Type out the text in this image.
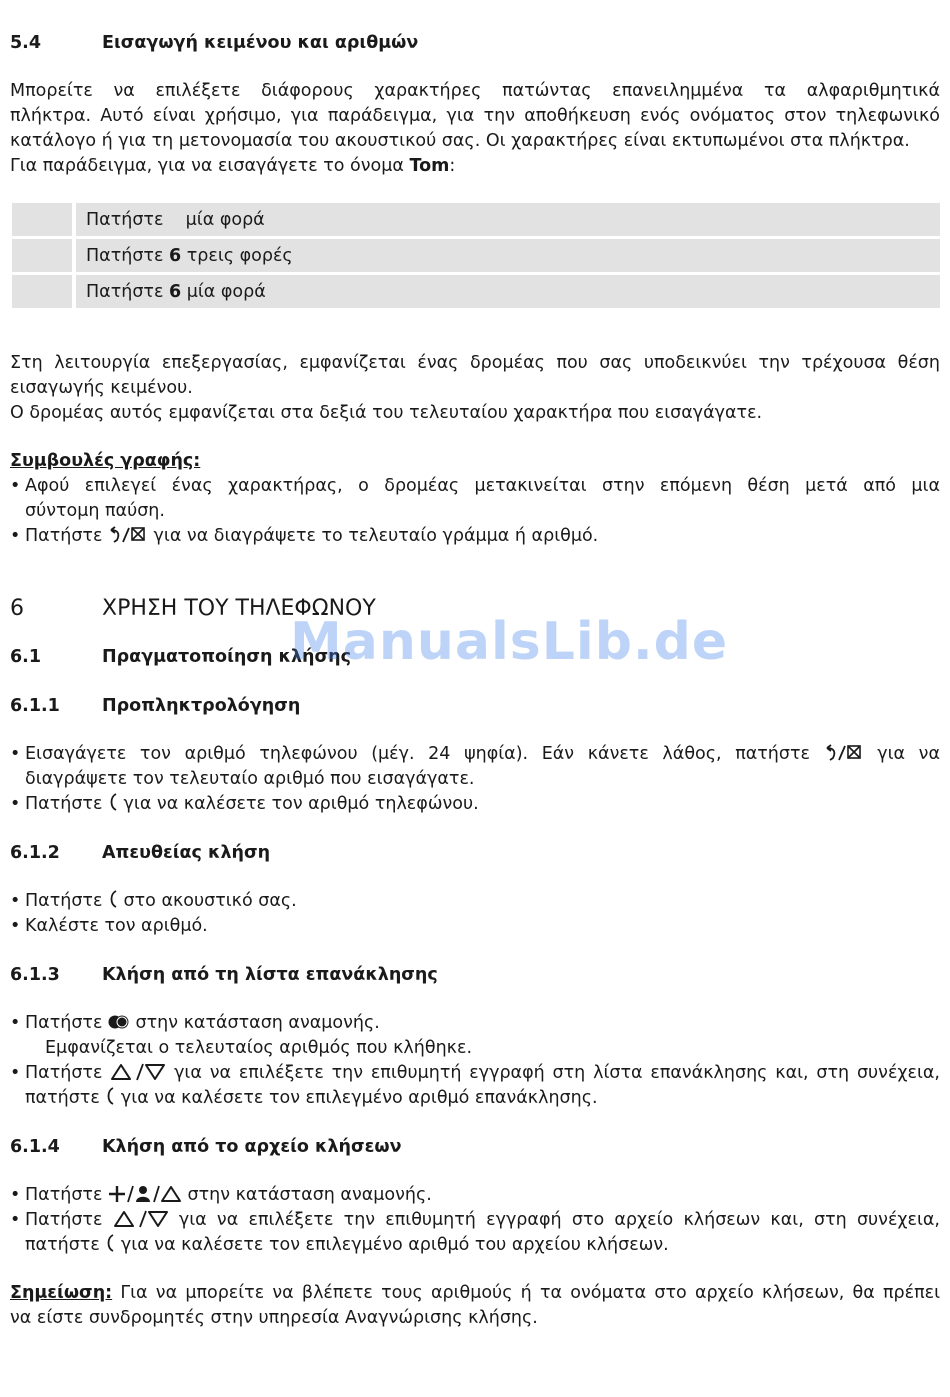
5.4	Εισαγωγή κειμένου και αριθμών

Μπορείτε να επιλέξετε διάφορους χαρακτήρες πατώντας επανειλημμένα τα αλφαριθμητικά

πλήκτρα. Αυτό είναι χρήσιμο, για παράδειγμα, για την αποθήκευση ενός ονόματος στον τηλεφωνικό

κατάλογο ή για τη μετονομασία του ακουστικού σας. Οι χαρακτήρες είναι εκτυπωμένοι στα πλήκτρα.

Για παράδειγμα, για να εισαγάγετε το όνομα Tom:

	Πατήστε    μία φορά
	Πατήστε 6 τρεις φορές
	Πατήστε 6 μία φορά

Στη λειτουργία επεξεργασίας, εμφανίζεται ένας δρομέας που σας υποδεικνύει την τρέχουσα θέση

εισαγωγής κειμένου.

Ο δρομέας αυτός εμφανίζεται στα δεξιά του τελευταίου χαρακτήρα που εισαγάγατε.

Συμβουλές γραφής:

• Αφού επιλεγεί ένας χαρακτήρας, ο δρομέας μετακινείται στην επόμενη θέση μετά από μια
σύντομη παύση.
• Πατήστε  για να διαγράψετε το τελευταίο γράμμα ή αριθμό.
6	ΧΡΗΣΗ ΤΟΥ ΤΗΛΕΦΩΝΟΥ
6.1	Πραγματοποίηση κλήσης
6.1.1	Προπληκτρολόγηση
• Εισαγάγετε τον αριθμό τηλεφώνου (μέγ. 24 ψηφία). Εάν κάνετε λάθος, πατήστε  για να
διαγράψετε τον τελευταίο αριθμό που εισαγάγατε.
• Πατήστε  για να καλέσετε τον αριθμό τηλεφώνου.
6.1.2	Απευθείας κλήση
• Πατήστε  στο ακουστικό σας.
• Καλέστε τον αριθμό.
6.1.3	Κλήση από τη λίστα επανάκλησης
• Πατήστε  στην κατάσταση αναμονής.
Εμφανίζεται ο τελευταίος αριθμός που κλήθηκε.
• Πατήστε	για να επιλέξετε την επιθυμητή εγγραφή στη λίστα επανάκλησης και, στη συνέχεια,
πατήστε  για να καλέσετε τον επιλεγμένο αριθμό επανάκλησης.
6.1.4	Κλήση από το αρχείο κλήσεων
• Πατήστε	στην κατάσταση αναμονής.
• Πατήστε	για να επιλέξετε την επιθυμητή εγγραφή στο αρχείο κλήσεων και, στη συνέχεια,
πατήστε  για να καλέσετε τον επιλεγμένο αριθμό του αρχείου κλήσεων.

Σημείωση: Για να μπορείτε να βλέπετε τους αριθμούς ή τα ονόματα στο αρχείο κλήσεων, θα πρέπει

να είστε συνδρομητές στην υπηρεσία Αναγνώρισης κλήσης.

ManualsLib.de
